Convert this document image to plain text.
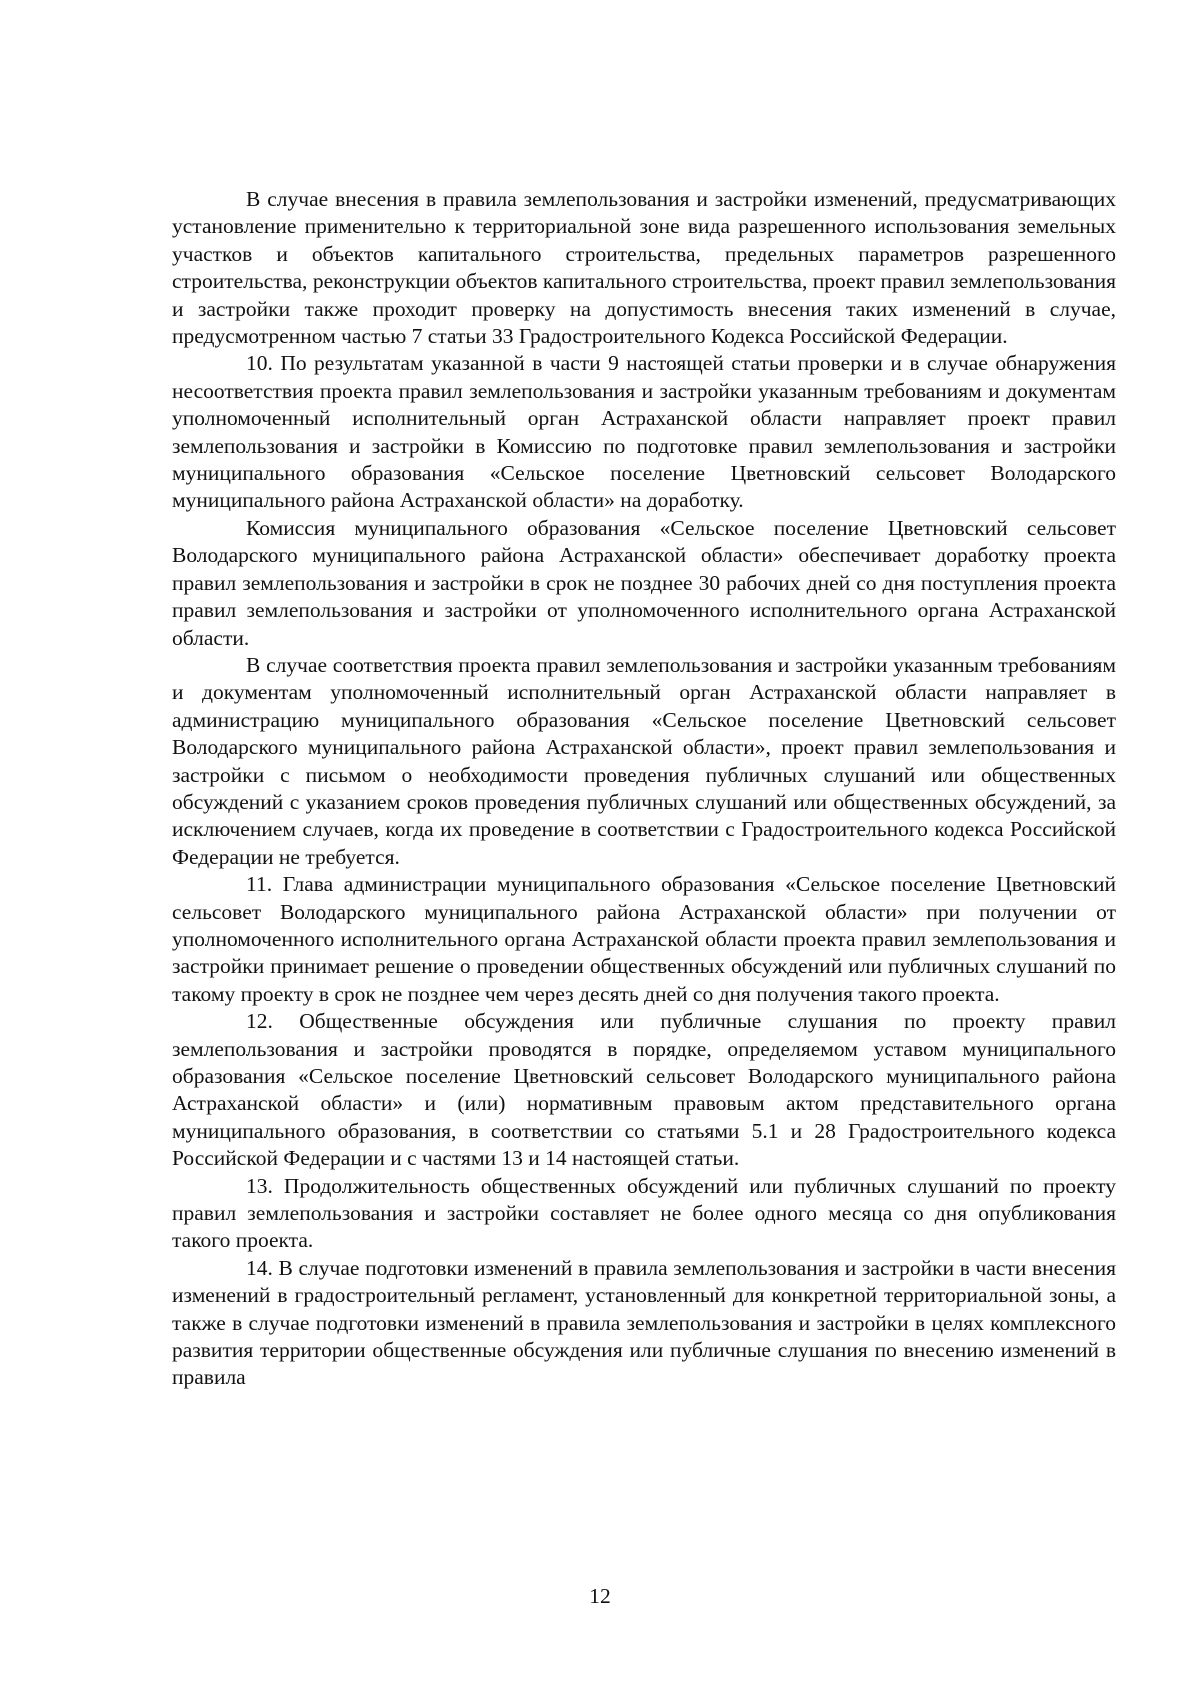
В случае внесения в правила землепользования и застройки изменений, предусматривающих установление применительно к территориальной зоне вида разрешенного использования земельных участков и объектов капитального строительства, предельных параметров разрешенного строительства, реконструкции объектов капитального строительства, проект правил землепользования и застройки также проходит проверку на допустимость внесения таких изменений в случае, предусмотренном частью 7 статьи 33 Градостроительного Кодекса Российской Федерации.

10. По результатам указанной в части 9 настоящей статьи проверки и в случае обнаружения несоответствия проекта правил землепользования и застройки указанным требованиям и документам уполномоченный исполнительный орган Астраханской области направляет проект правил землепользования и застройки в Комиссию по подготовке правил землепользования и застройки муниципального образования «Сельское поселение Цветновский сельсовет Володарского муниципального района Астраханской области» на доработку.

Комиссия муниципального образования «Сельское поселение Цветновский сельсовет Володарского муниципального района Астраханской области» обеспечивает доработку проекта правил землепользования и застройки в срок не позднее 30 рабочих дней со дня поступления проекта правил землепользования и застройки от уполномоченного исполнительного органа Астраханской области.

В случае соответствия проекта правил землепользования и застройки указанным требованиям и документам уполномоченный исполнительный орган Астраханской области направляет в администрацию муниципального образования «Сельское поселение Цветновский сельсовет Володарского муниципального района Астраханской области», проект правил землепользования и застройки с письмом о необходимости проведения публичных слушаний или общественных обсуждений с указанием сроков проведения публичных слушаний или общественных обсуждений, за исключением случаев, когда их проведение в соответствии с Градостроительного кодекса Российской Федерации не требуется.

11. Глава администрации муниципального образования «Сельское поселение Цветновский сельсовет Володарского муниципального района Астраханской области» при получении от уполномоченного исполнительного органа Астраханской области проекта правил землепользования и застройки принимает решение о проведении общественных обсуждений или публичных слушаний по такому проекту в срок не позднее чем через десять дней со дня получения такого проекта.

12. Общественные обсуждения или публичные слушания по проекту правил землепользования и застройки проводятся в порядке, определяемом уставом муниципального образования «Сельское поселение Цветновский сельсовет Володарского муниципального района Астраханской области» и (или) нормативным правовым актом представительного органа муниципального образования, в соответствии со статьями 5.1 и 28 Градостроительного кодекса Российской Федерации и с частями 13 и 14 настоящей статьи.

13. Продолжительность общественных обсуждений или публичных слушаний по проекту правил землепользования и застройки составляет не более одного месяца со дня опубликования такого проекта.

14. В случае подготовки изменений в правила землепользования и застройки в части внесения изменений в градостроительный регламент, установленный для конкретной территориальной зоны, а также в случае подготовки изменений в правила землепользования и застройки в целях комплексного развития территории общественные обсуждения или публичные слушания по внесению изменений в правила

12
